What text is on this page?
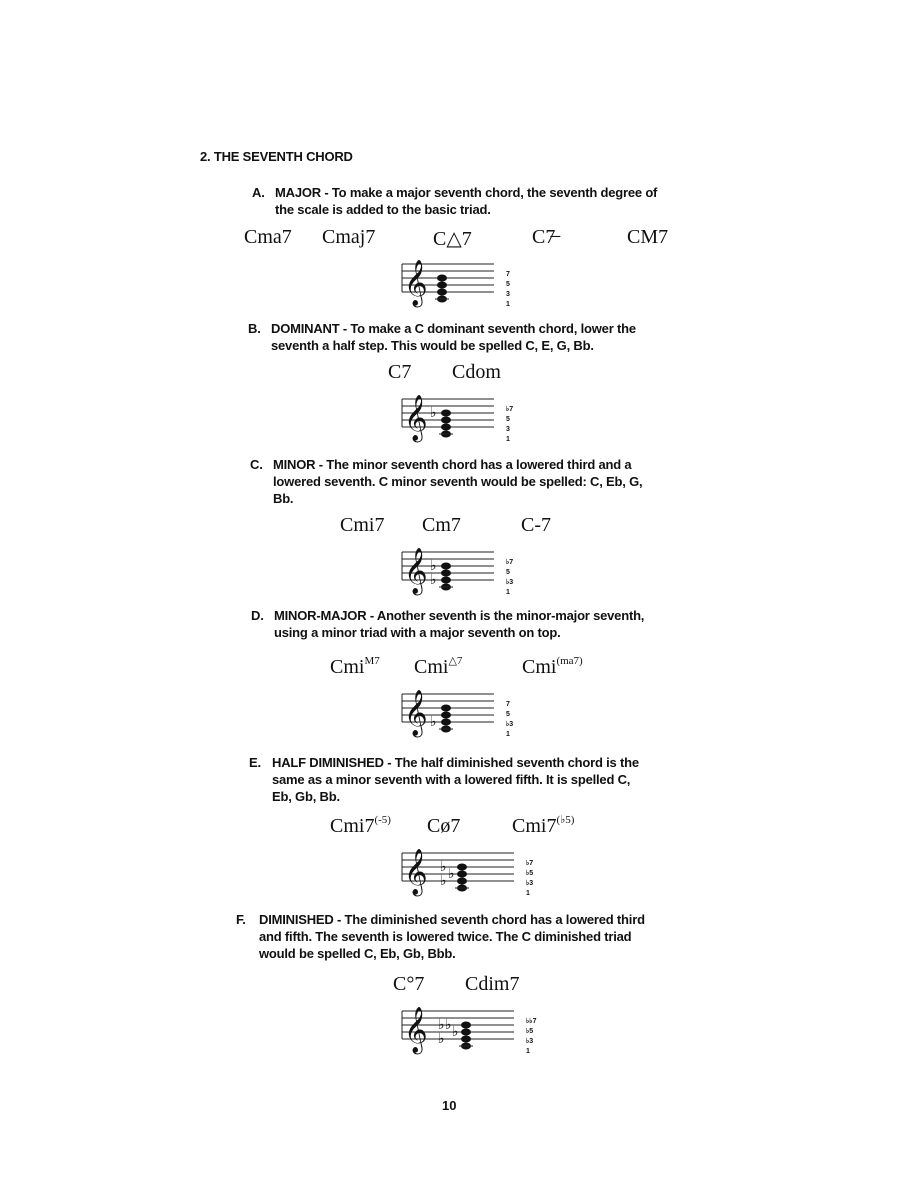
2. THE SEVENTH CHORD
A. MAJOR - To make a major seventh chord, the seventh degree of
the scale is added to the basic triad.
Cma7 Cmaj7	C△7	C7̶	CM7
𝄞	7
5
3
1
B. DOMINANT - To make a C dominant seventh chord, lower the
seventh a half step. This would be spelled C, E, G, Bb.
C7 Cdom
𝄞 ♭	♭7
5
3
1
C. MINOR - The minor seventh chord has a lowered third and a
lowered seventh. C minor seventh would be spelled: C, Eb, G,
Bb.
Cmi7 Cm7	C-7
𝄞 ♭
♭
♭7
5
♭3
1
D. MINOR-MAJOR - Another seventh is the minor-major seventh,
using a minor triad with a major seventh on top.
Cmi$^{M7}$ Cmi$^{\triangle 7}$	Cmi$^{(ma7)}$
𝄞 ♭
7
5
♭3
1
E. HALF DIMINISHED - The half diminished seventh chord is the
same as a minor seventh with a lowered fifth. It is spelled C,
Eb, Gb, Bb.
$Cmi7^{(-5)}$ Cø7	$Cmi7^{(♭5)}$
𝄞 ♭ ♭
♭
♭7
♭5
♭3
1
F. DIMINISHED - The diminished seventh chord has a lowered third
and fifth. The seventh is lowered twice. The C diminished triad
would be spelled C, Eb, Gb, Bbb.
C°7 Cdim7
𝄞 ♭ ♭ ♭
♭
♭♭7
♭5
♭3
1
10
